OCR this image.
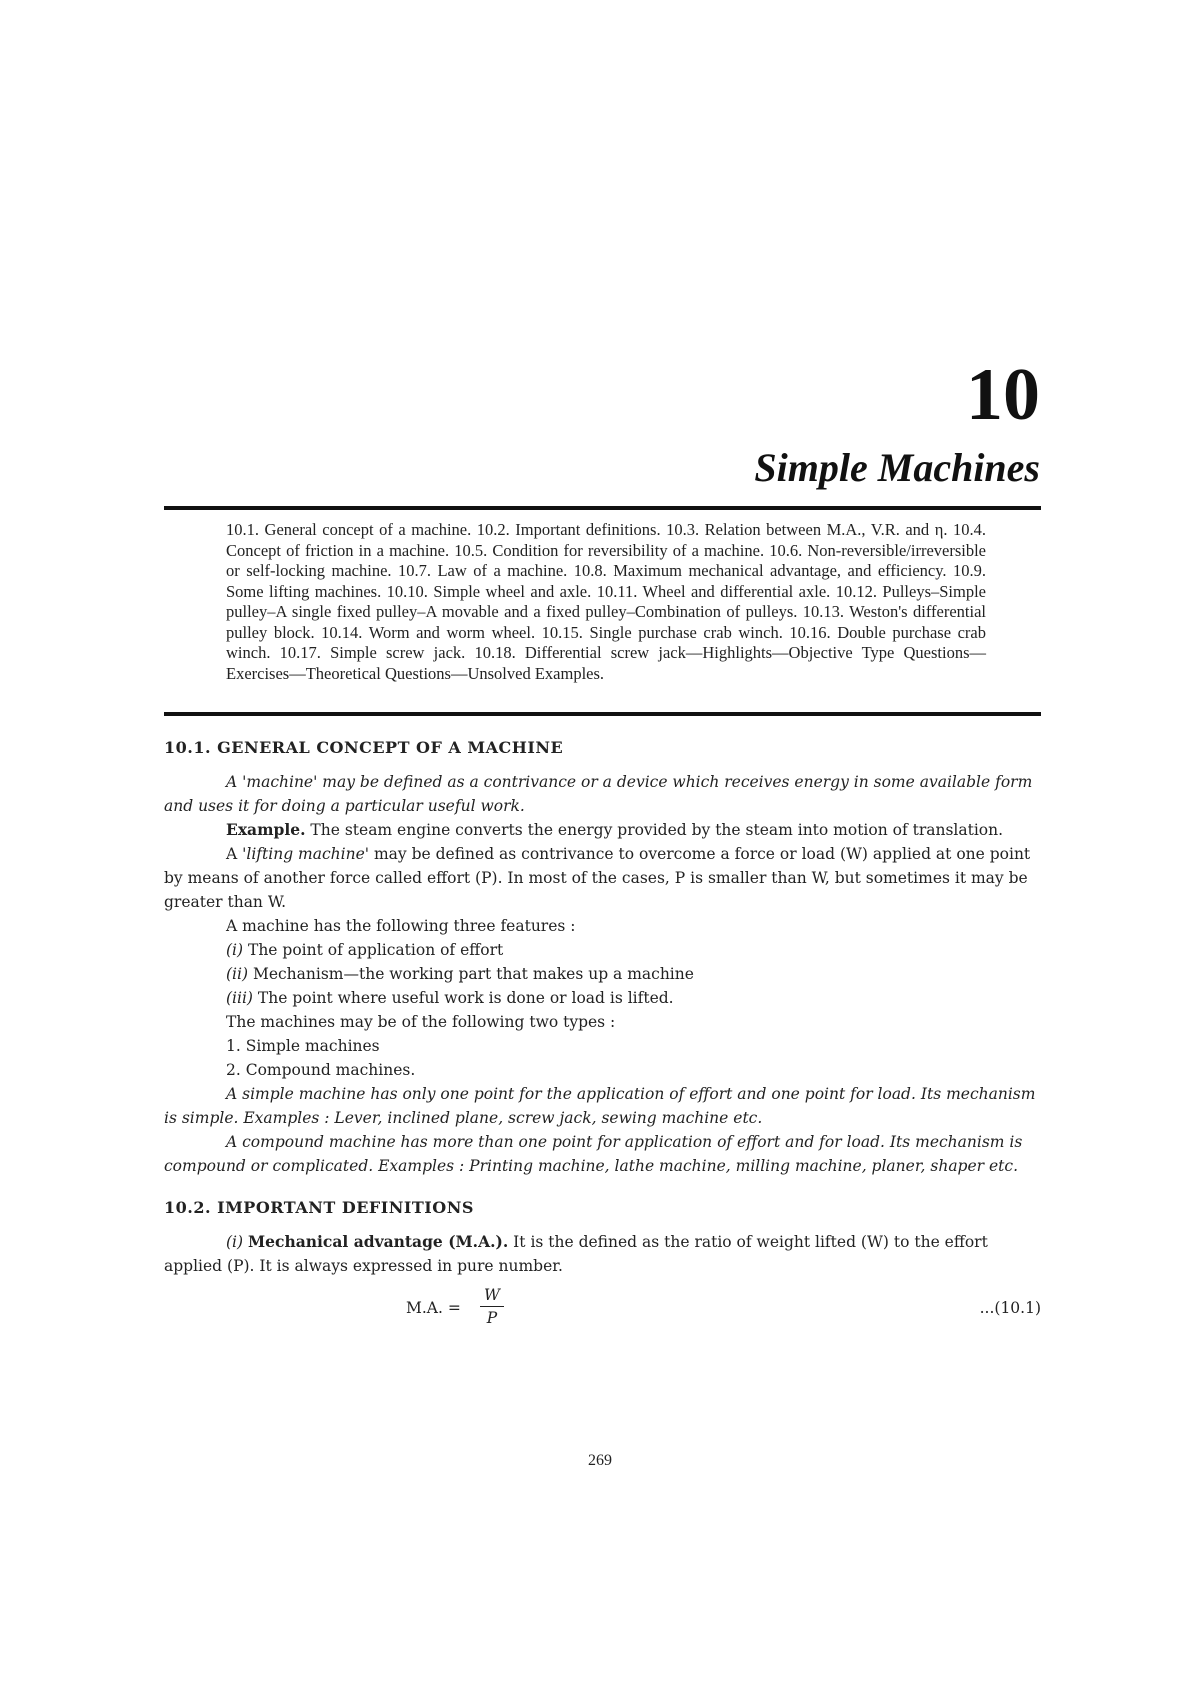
10
Simple Machines
10.1. General concept of a machine. 10.2. Important definitions. 10.3. Relation between M.A., V.R. and η. 10.4. Concept of friction in a machine. 10.5. Condition for reversibility of a machine. 10.6. Non-reversible/irreversible or self-locking machine. 10.7. Law of a machine. 10.8. Maximum mechanical advantage, and efficiency. 10.9. Some lifting machines. 10.10. Simple wheel and axle. 10.11. Wheel and differential axle. 10.12. Pulleys–Simple pulley–A single fixed pulley–A movable and a fixed pulley–Combination of pulleys. 10.13. Weston's differential pulley block. 10.14. Worm and worm wheel. 10.15. Single purchase crab winch. 10.16. Double purchase crab winch. 10.17. Simple screw jack. 10.18. Differential screw jack—Highlights—Objective Type Questions—Exercises—Theoretical Questions—Unsolved Examples.

10.1. GENERAL CONCEPT OF A MACHINE

A 'machine' may be defined as a contrivance or a device which receives energy in some available form and uses it for doing a particular useful work.

Example. The steam engine converts the energy provided by the steam into motion of translation.

A 'lifting machine' may be defined as contrivance to overcome a force or load (W) applied at one point by means of another force called effort (P). In most of the cases, P is smaller than W, but sometimes it may be greater than W.

A machine has the following three features :

(i) The point of application of effort

(ii) Mechanism—the working part that makes up a machine

(iii) The point where useful work is done or load is lifted.

The machines may be of the following two types :

1. Simple machines

2. Compound machines.

A simple machine has only one point for the application of effort and one point for load. Its mechanism is simple. Examples : Lever, inclined plane, screw jack, sewing machine etc.

A compound machine has more than one point for application of effort and for load. Its mechanism is compound or complicated. Examples : Printing machine, lathe machine, milling machine, planer, shaper etc.

10.2. IMPORTANT DEFINITIONS

(i) Mechanical advantage (M.A.). It is the defined as the ratio of weight lifted (W) to the effort applied (P). It is always expressed in pure number.

M.A. = $\frac{W}{P}$	...(10.1)
269
